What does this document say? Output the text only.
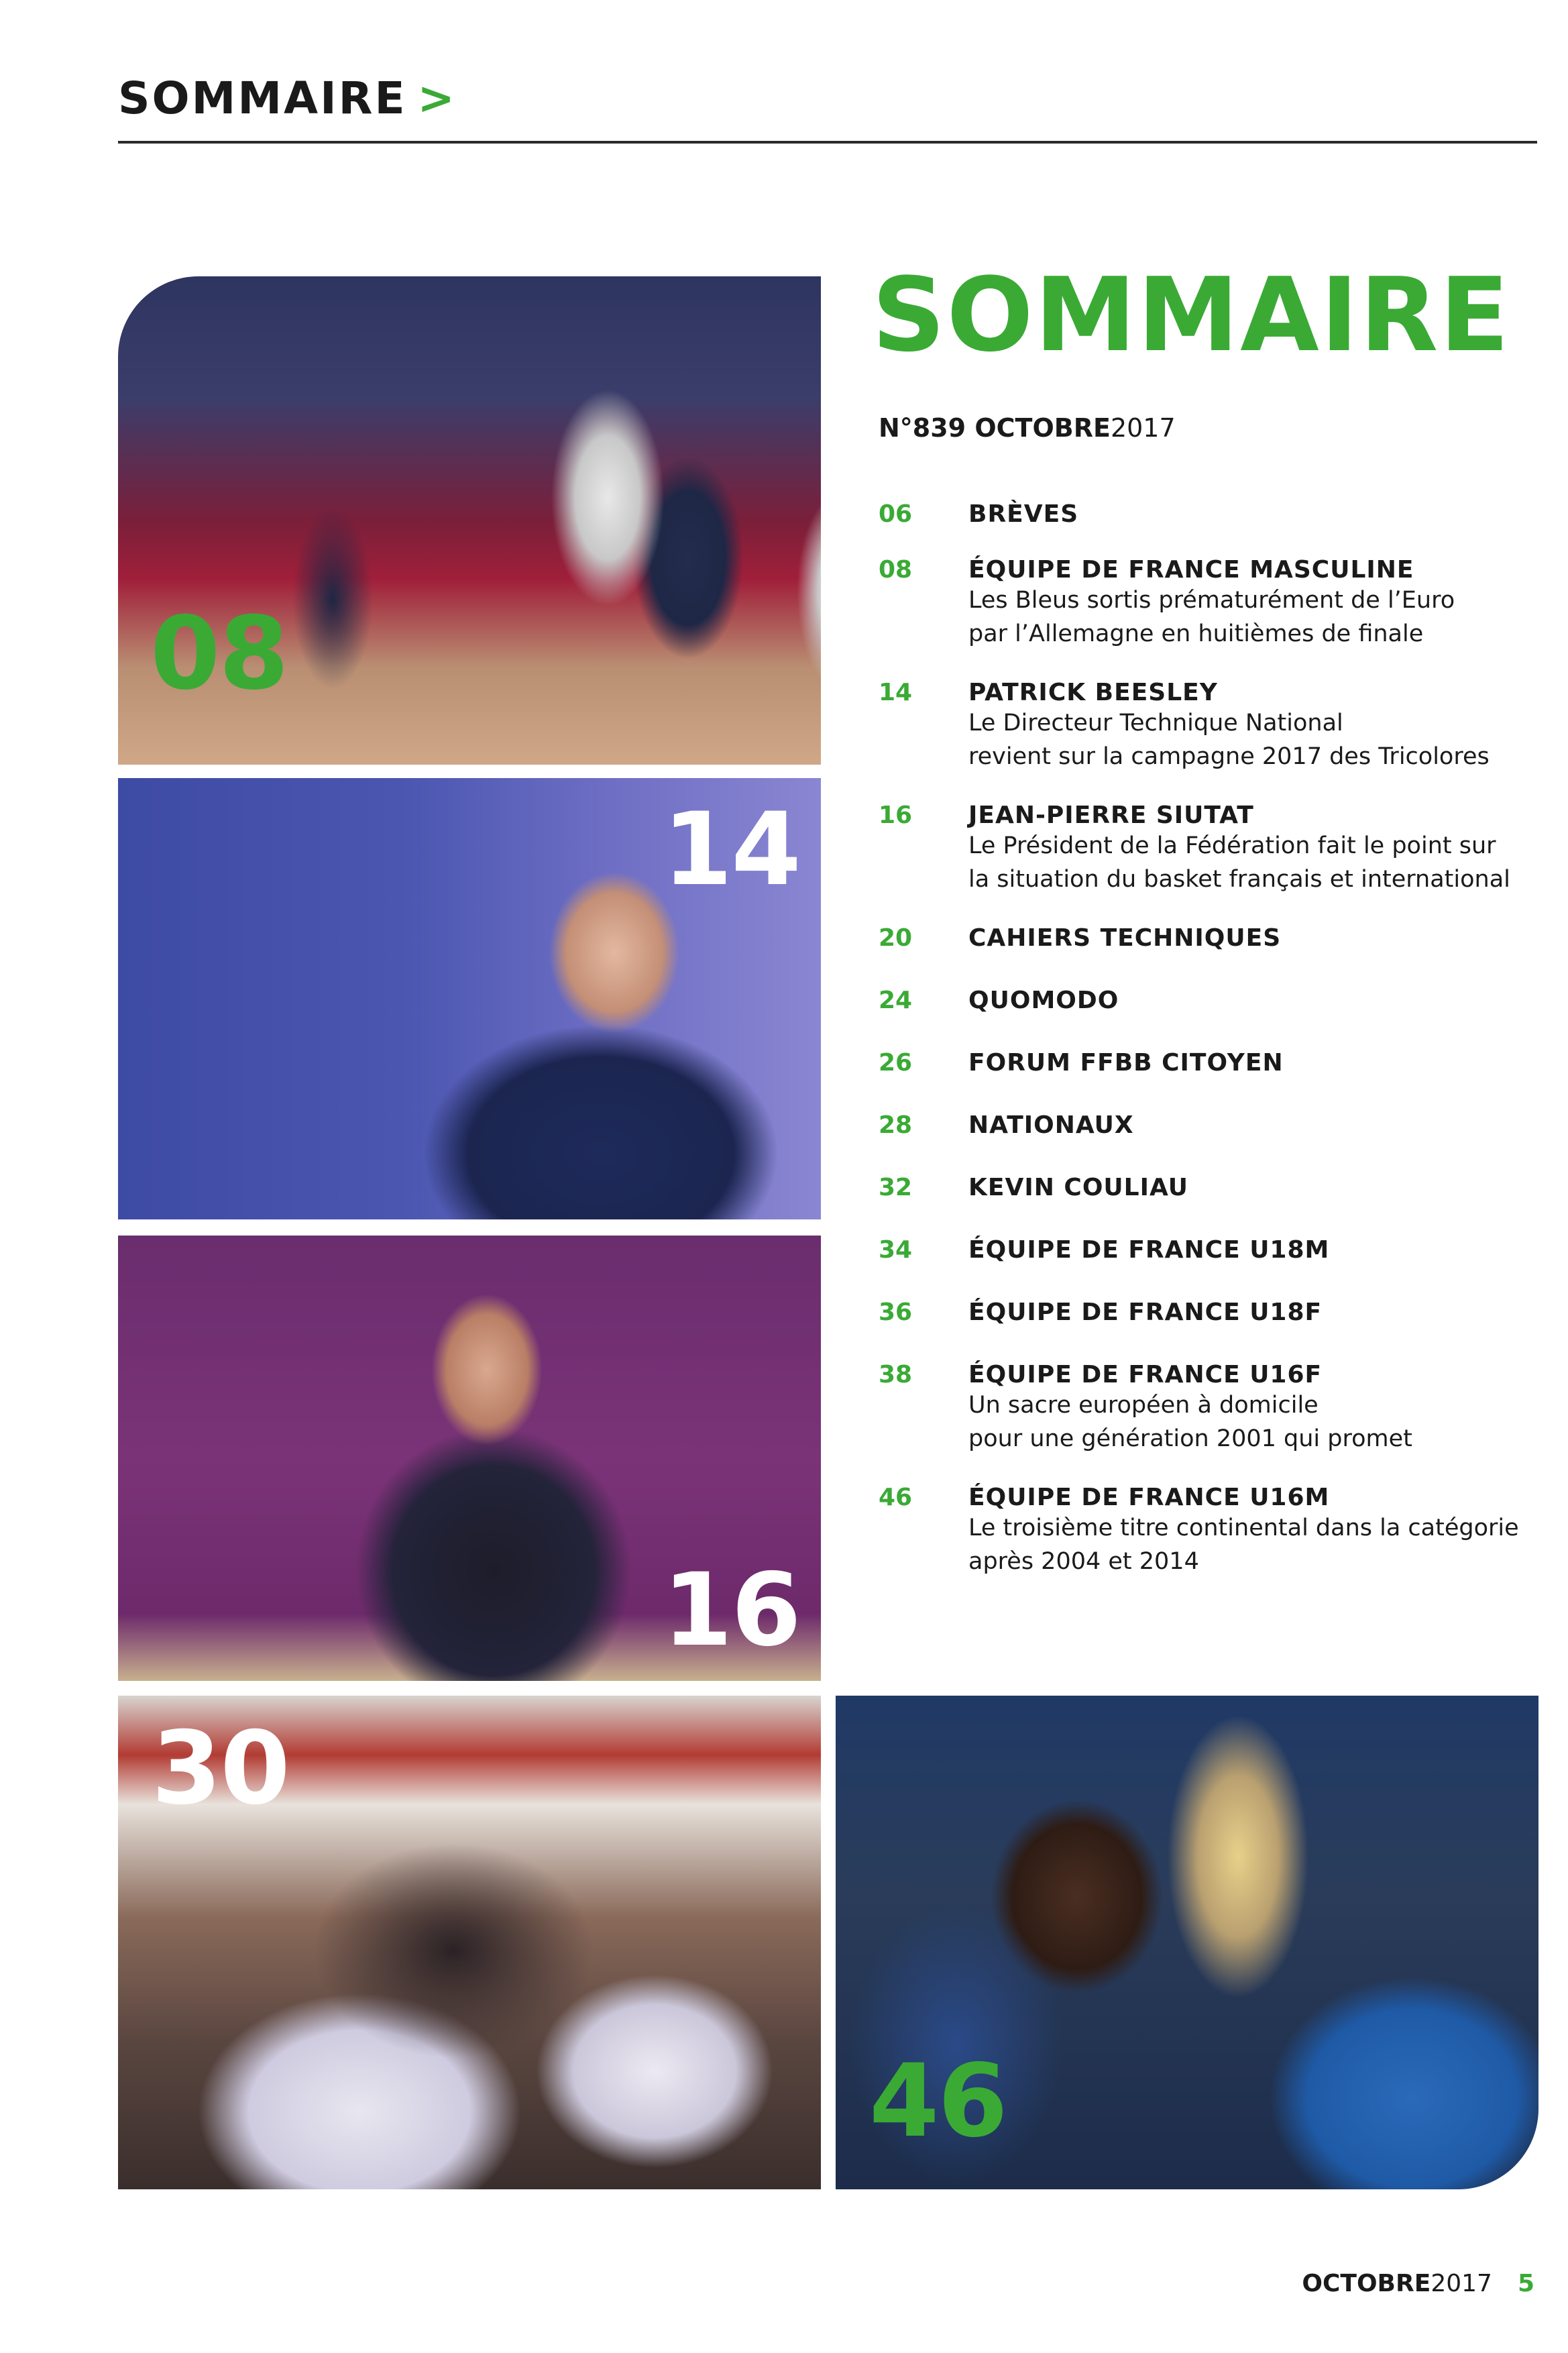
SOMMAIRE >
08
14
16
30
46
SOMMAIRE
N°839 OCTOBRE2017
06 BRÈVES
08 ÉQUIPE DE FRANCE MASCULINE
Les Bleus sortis prématurément de l’Euro
par l’Allemagne en huitièmes de finale
14 PATRICK BEESLEY
Le Directeur Technique National
revient sur la campagne 2017 des Tricolores
16 JEAN-PIERRE SIUTAT
Le Président de la Fédération fait le point sur
la situation du basket français et international
20 CAHIERS TECHNIQUES
24 QUOMODO
26 FORUM FFBB CITOYEN
28 NATIONAUX
32 KEVIN COULIAU
34 ÉQUIPE DE FRANCE U18M
36 ÉQUIPE DE FRANCE U18F
38 ÉQUIPE DE FRANCE U16F
Un sacre européen à domicile
pour une génération 2001 qui promet
46 ÉQUIPE DE FRANCE U16M
Le troisième titre continental dans la catégorie
après 2004 et 2014
OCTOBRE2017 5
